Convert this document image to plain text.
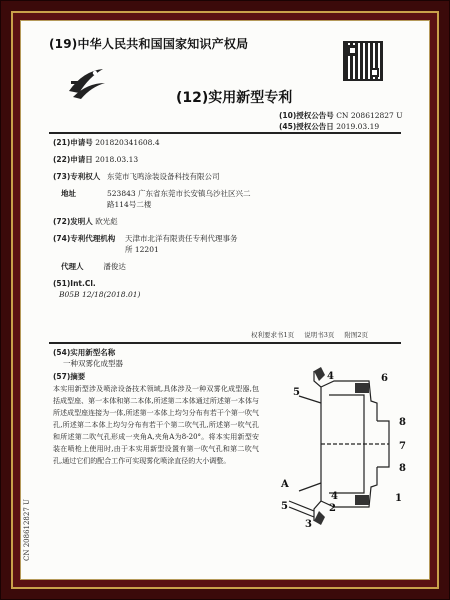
(19)中华人民共和国国家知识产权局
(12)实用新型专利
(10)授权公告号 CN 208612827 U
(45)授权公告日 2019.03.19
(21)申请号 201820341608.4
(22)申请日 2018.03.13
(73)专利权人 东莞市飞鸣涂装设备科技有限公司
地址	523843 广东省东莞市长安镇乌沙社区兴二路114号二楼
(72)发明人 欧光彪
(74)专利代理机构	天津市北洋有限责任专利代理事务所 12201
代理人	潘俊达
(51)Int.Cl.
B05B 12/18(2018.01)
权利要求书1页 说明书3页 附图2页
(54)实用新型名称
一种双雾化成型器
(57)摘要
本实用新型涉及喷涂设备技术领域,具体涉及一种双雾化成型器,包括成型座、第一本体和第二本体,所述第二本体通过所述第一本体与所述成型座连接为一体,所述第一本体上均匀分布有若干个第一吹气孔,所述第二本体上均匀分布有若干个第二吹气孔,所述第一吹气孔和所述第二吹气孔形成一夹角A,夹角A为8-20°。将本实用新型安装在喷枪上使用时,由于本实用新型设置有第一吹气孔和第二吹气孔,通过它们的配合工作可实现雾化喷涂直径的大小调整。
CN 208612827 U
4	6
5
8
7
8
1
A
5	2
3
4
